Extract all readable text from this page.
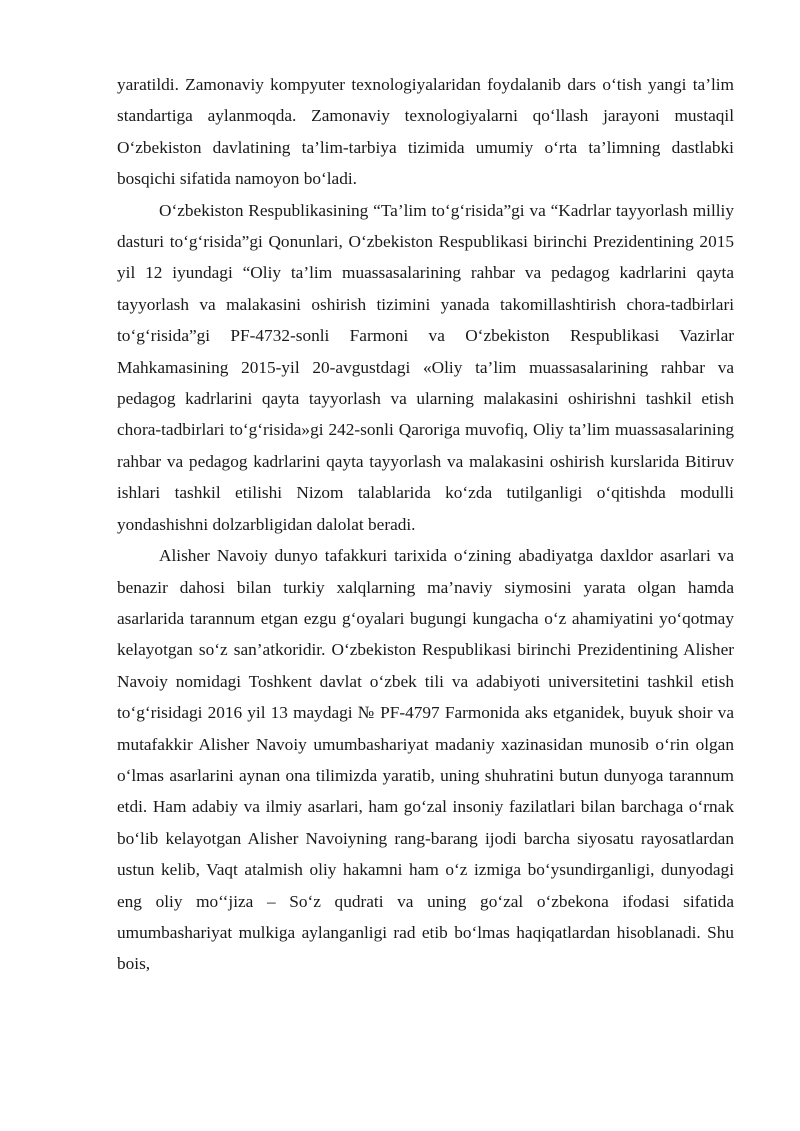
yaratildi. Zamonaviy kompyuter texnologiyalaridan foydalanib dars o‘tish yangi ta’lim standartiga aylanmoqda. Zamonaviy texnologiyalarni qo‘llash jarayoni mustaqil O‘zbekiston davlatining ta’lim-tarbiya tizimida umumiy o‘rta ta’limning dastlabki bosqichi sifatida namoyon bo‘ladi.

O‘zbekiston Respublikasining “Ta’lim to‘g‘risida”gi va “Kadrlar tayyorlash milliy dasturi to‘g‘risida”gi Qonunlari, O‘zbekiston Respublikasi birinchi Prezidentining 2015 yil 12 iyundagi “Oliy ta’lim muassasalarining rahbar va pedagog kadrlarini qayta tayyorlash va malakasini oshirish tizimini yanada takomillashtirish chora-tadbirlari to‘g‘risida”gi PF-4732-sonli Farmoni va O‘zbekiston Respublikasi Vazirlar Mahkamasining 2015-yil 20-avgustdagi «Oliy ta’lim muassasalarining rahbar va pedagog kadrlarini qayta tayyorlash va ularning malakasini oshirishni tashkil etish chora-tadbirlari to‘g‘risida»gi 242-sonli Qaroriga muvofiq, Oliy ta’lim muassasalarining rahbar va pedagog kadrlarini qayta tayyorlash va malakasini oshirish kurslarida Bitiruv ishlari tashkil etilishi Nizom talablarida ko‘zda tutilganligi o‘qitishda modulli yondashishni dolzarbligidan dalolat beradi.

Alisher Navoiy dunyo tafakkuri tarixida o‘zining abadiyatga daxldor asarlari va benazir dahosi bilan turkiy xalqlarning ma’naviy siymosini yarata olgan hamda asarlarida tarannum etgan ezgu g‘oyalari bugungi kungacha o‘z ahamiyatini yo‘qotmay kelayotgan so‘z san’atkoridir. O‘zbekiston Respublikasi birinchi Prezidentining Alisher Navoiy nomidagi Toshkent davlat o‘zbek tili va adabiyoti universitetini tashkil etish to‘g‘risidagi 2016 yil 13 maydagi № PF-4797 Farmonida aks etganidek, buyuk shoir va mutafakkir Alisher Navoiy umumbashariyat madaniy xazinasidan munosib o‘rin olgan o‘lmas asarlarini aynan ona tilimizda yaratib, uning shuhratini butun dunyoga tarannum etdi. Ham adabiy va ilmiy asarlari, ham go‘zal insoniy fazilatlari bilan barchaga o‘rnak bo‘lib kelayotgan Alisher Navoiyning rang-barang ijodi barcha siyosatu rayosatlardan ustun kelib, Vaqt atalmish oliy hakamni ham o‘z izmiga bo‘ysundirganligi, dunyodagi eng oliy mo‘‘jiza – So‘z qudrati va uning go‘zal o‘zbekona ifodasi sifatida umumbashariyat mulkiga aylanganligi rad etib bo‘lmas haqiqatlardan hisoblanadi. Shu bois,
